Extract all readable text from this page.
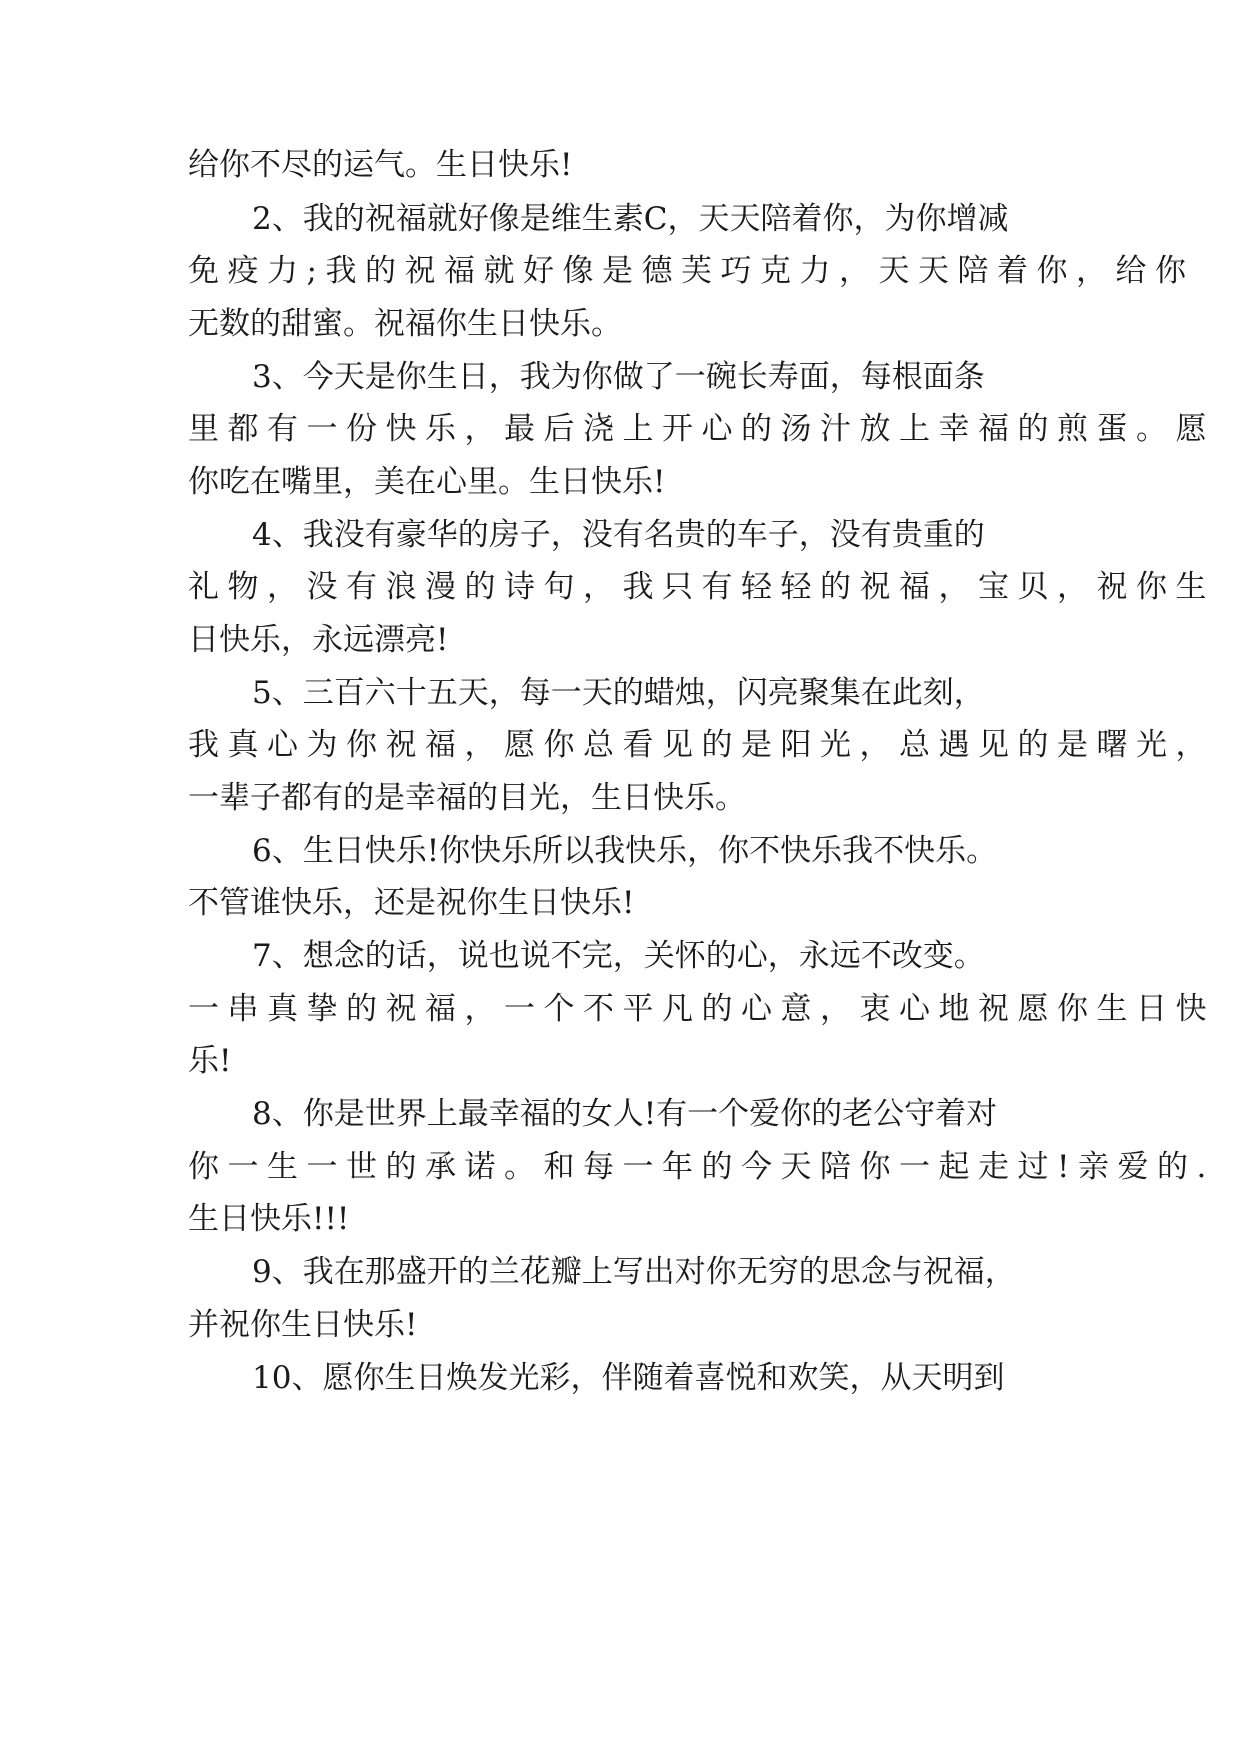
给你不尽的运气。生日快乐!
2、我的祝福就好像是维生素C，天天陪着你，为你增减
免疫力;我的祝福就好像是德芙巧克力，天天陪着你，给你
无数的甜蜜。祝福你生日快乐。
3、今天是你生日，我为你做了一碗长寿面，每根面条
里都有一份快乐，最后浇上开心的汤汁放上幸福的煎蛋。愿
你吃在嘴里，美在心里。生日快乐!
4、我没有豪华的房子，没有名贵的车子，没有贵重的
礼物，没有浪漫的诗句，我只有轻轻的祝福，宝贝，祝你生
日快乐，永远漂亮!
5、三百六十五天，每一天的蜡烛，闪亮聚集在此刻，
我真心为你祝福，愿你总看见的是阳光，总遇见的是曙光，
一辈子都有的是幸福的目光，生日快乐。
6、生日快乐!你快乐所以我快乐，你不快乐我不快乐。
不管谁快乐，还是祝你生日快乐!
7、想念的话，说也说不完，关怀的心，永远不改变。
一串真挚的祝福，一个不平凡的心意，衷心地祝愿你生日快
乐!
8、你是世界上最幸福的女人!有一个爱你的老公守着对
你一生一世的承诺。和每一年的今天陪你一起走过!亲爱的.
生日快乐!!!
9、我在那盛开的兰花瓣上写出对你无穷的思念与祝福，
并祝你生日快乐!
10、愿你生日焕发光彩，伴随着喜悦和欢笑，从天明到
